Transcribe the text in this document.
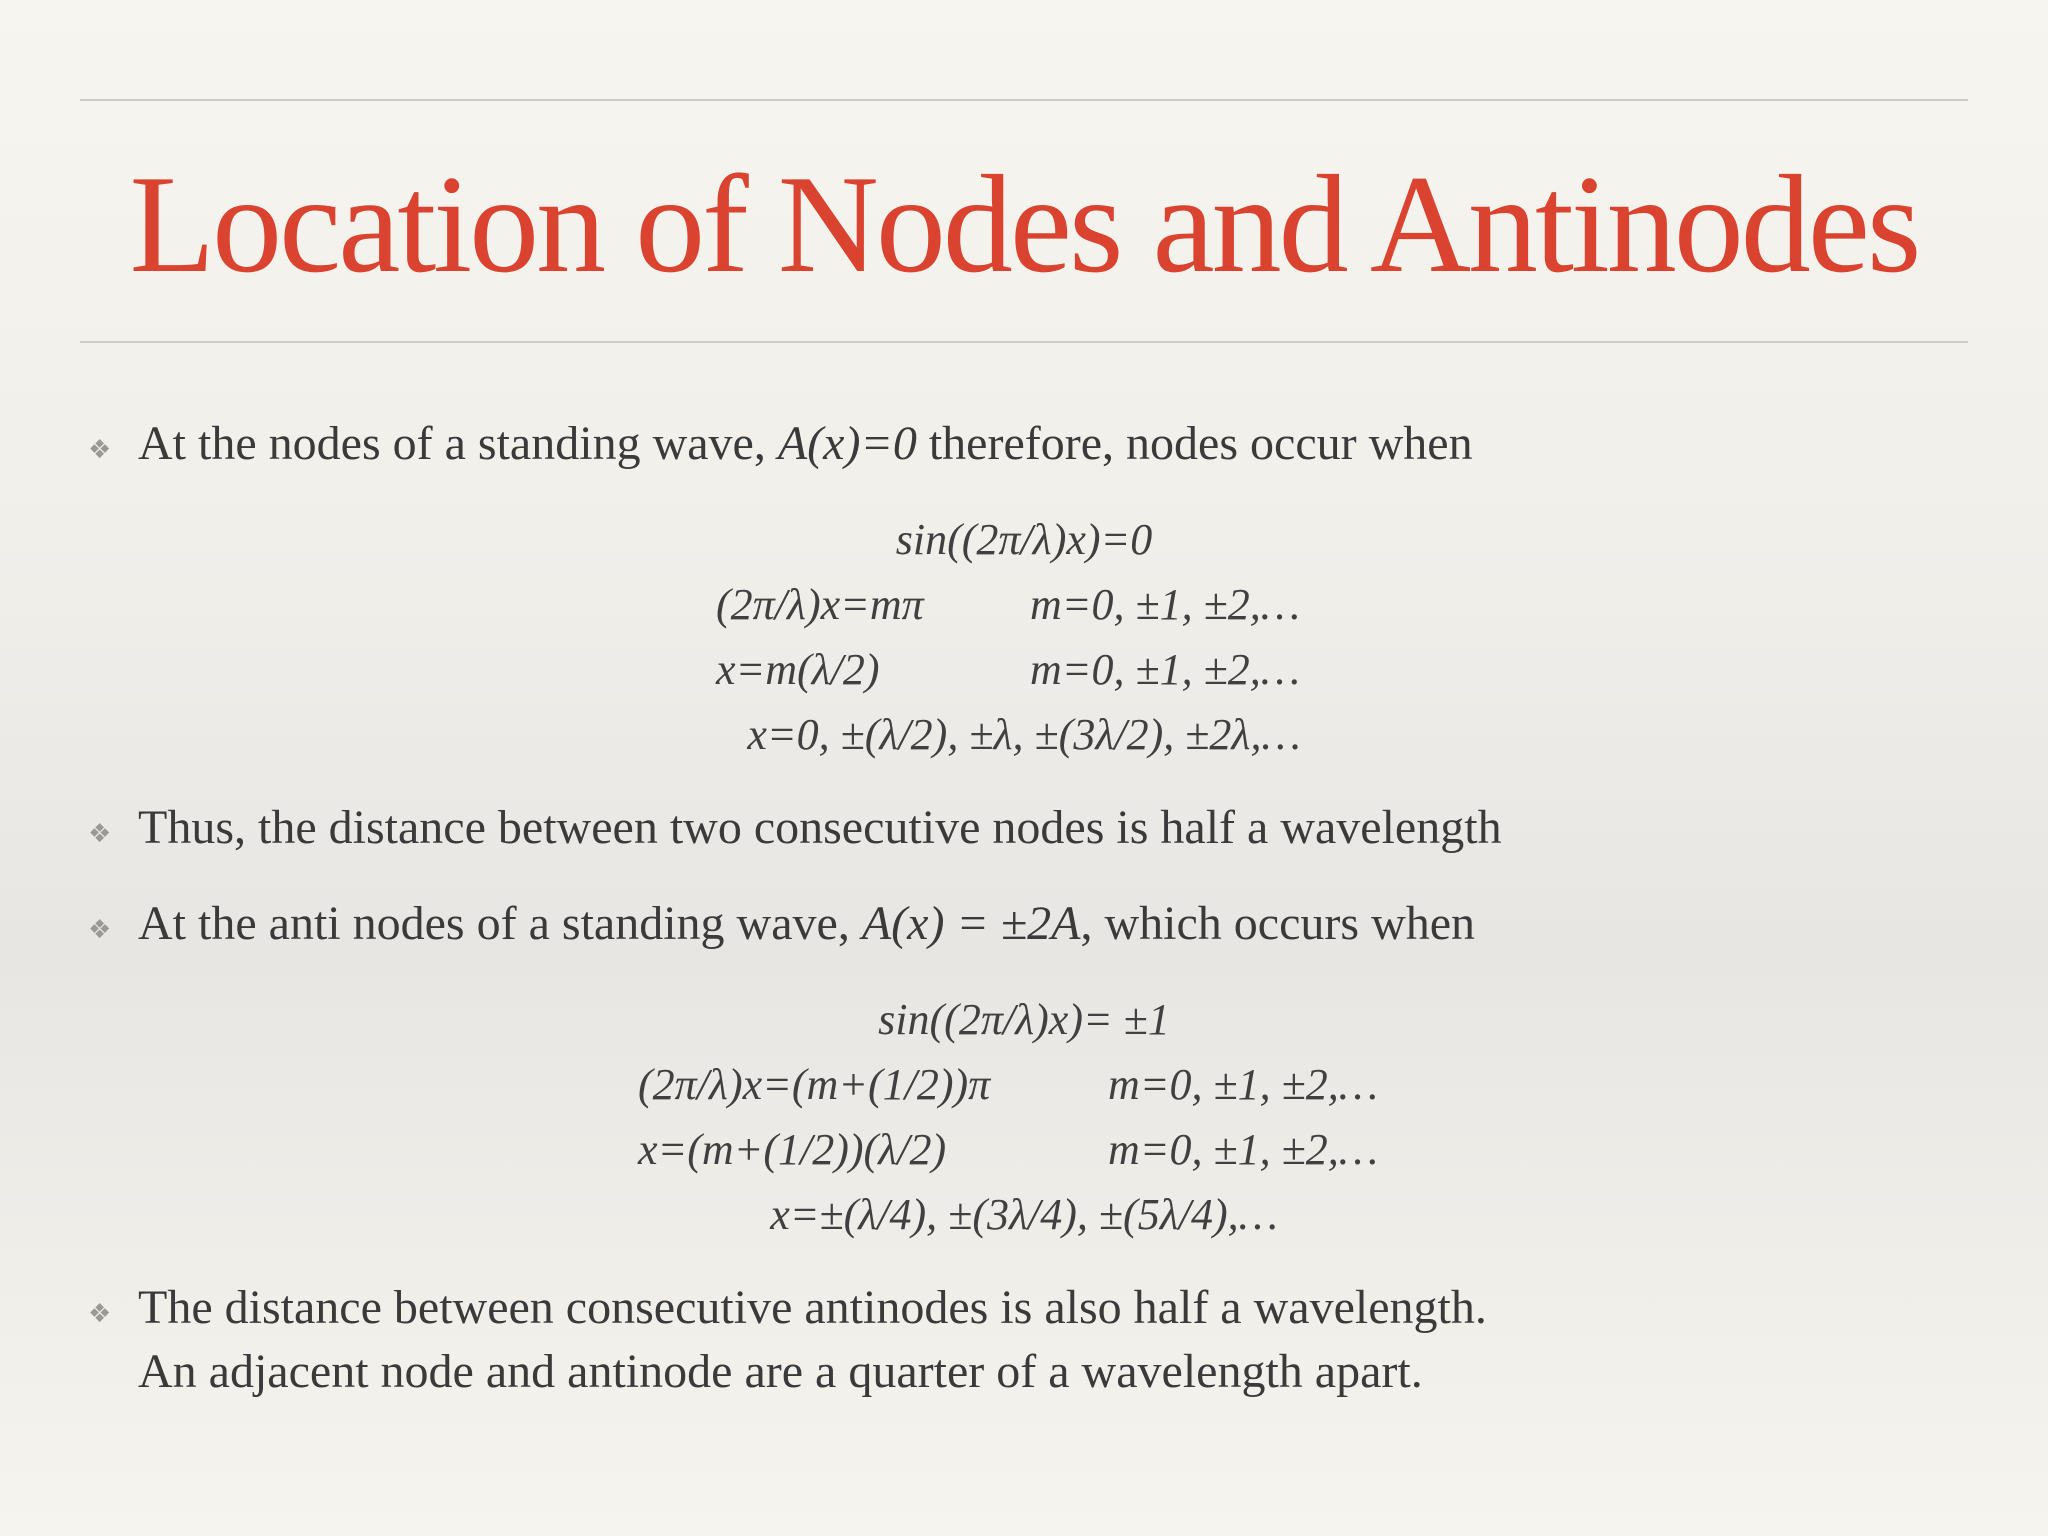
Location of Nodes and Antinodes
❖ At the nodes of a standing wave, A(x)=0 therefore, nodes occur when
sin((2π/λ)x)=0
(2π/λ)x=mπ m=0, ±1, ±2,…
x=m(λ/2)	m=0, ±1, ±2,…
x=0, ±(λ/2), ±λ, ±(3λ/2), ±2λ,…
❖ Thus, the distance between two consecutive nodes is half a wavelength
❖ At the anti nodes of a standing wave, A(x) = ±2A, which occurs when
sin((2π/λ)x)= ±1
(2π/λ)x=(m+(1/2))π	m=0, ±1, ±2,…
x=(m+(1/2))(λ/2)	m=0, ±1, ±2,…
x=±(λ/4), ±(3λ/4), ±(5λ/4),…
❖ The distance between consecutive antinodes is also half a wavelength.
An adjacent node and antinode are a quarter of a wavelength apart.
